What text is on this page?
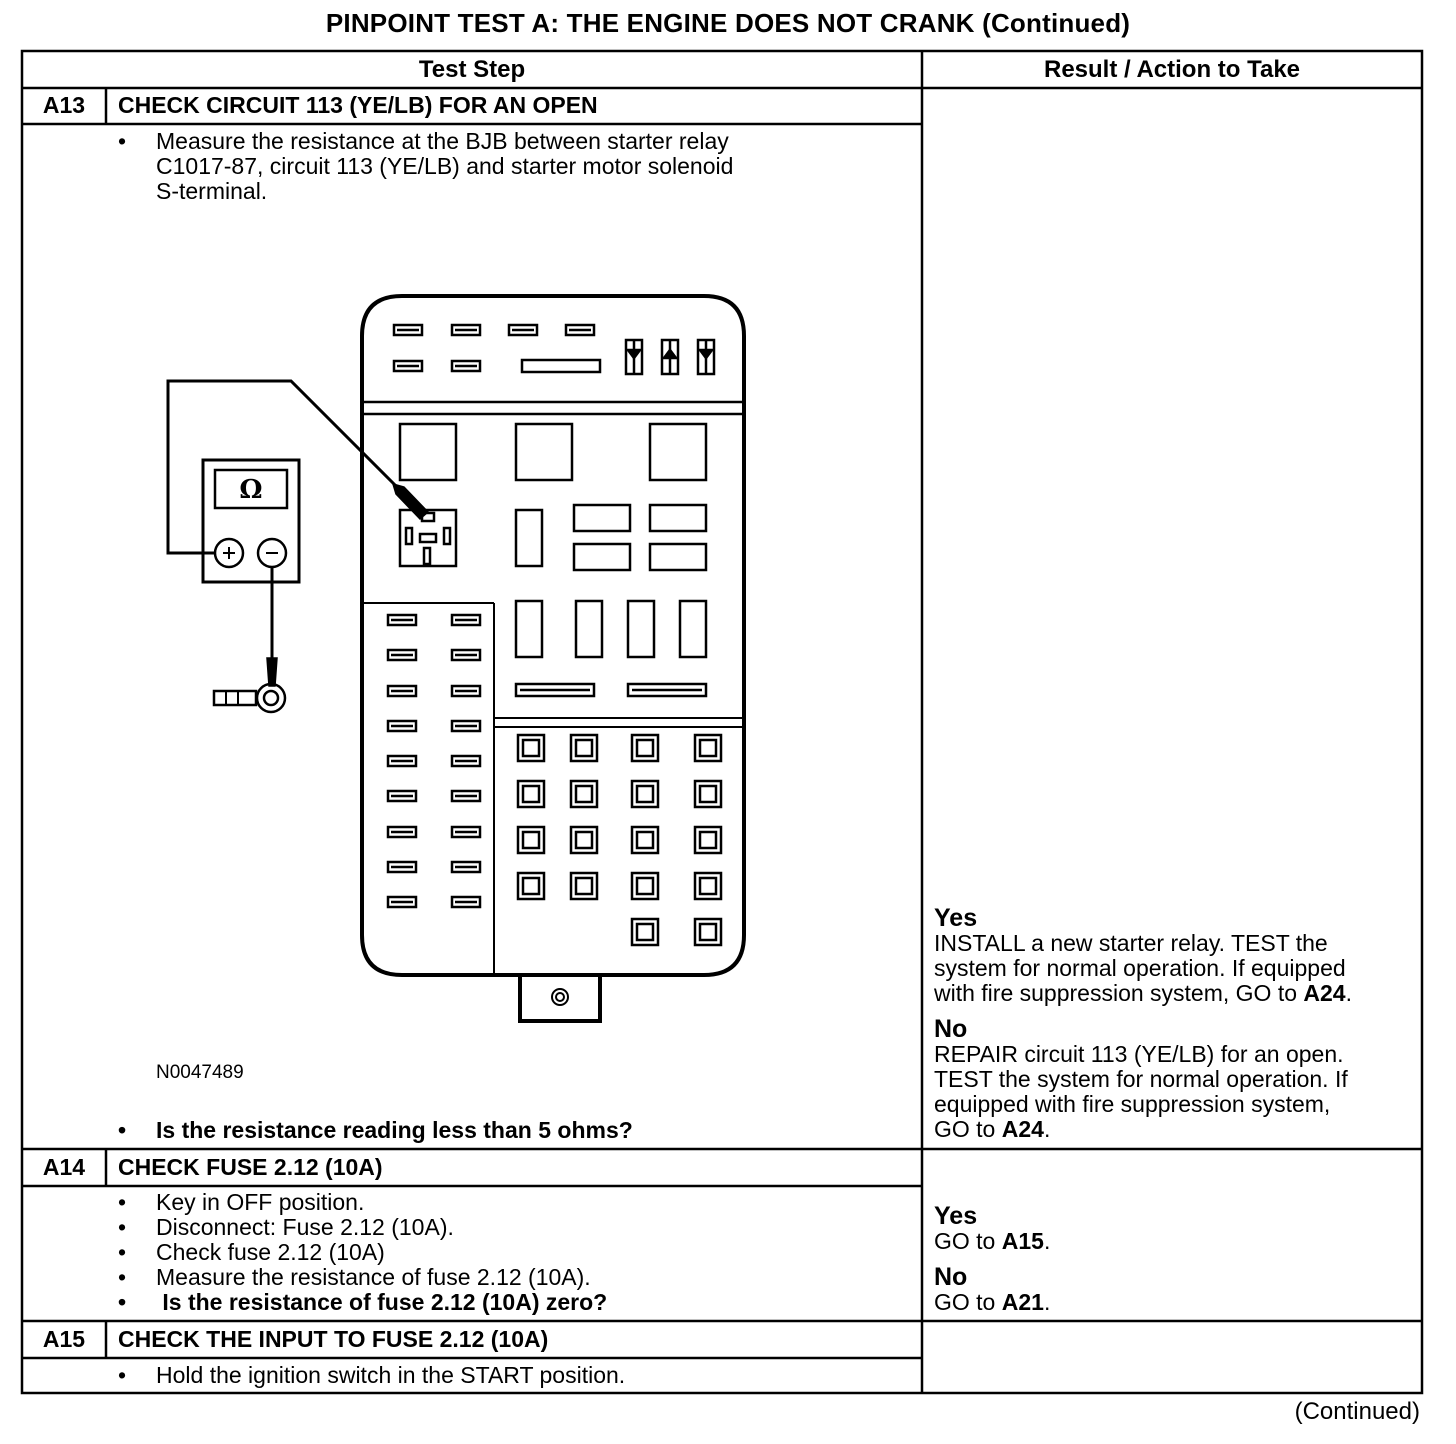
PINPOINT TEST A: THE ENGINE DOES NOT CRANK (Continued)
Test Step	Result / Action to Take
A13	CHECK CIRCUIT 113 (YE/LB) FOR AN OPEN
• Measure the resistance at the BJB between starter relay
C1017-87, circuit 113 (YE/LB) and starter motor solenoid
S-terminal.
Ω
N0047489
• Is the resistance reading less than 5 ohms?
Yes
INSTALL a new starter relay. TEST the
system for normal operation. If equipped
with fire suppression system, GO to A24.
No
REPAIR circuit 113 (YE/LB) for an open.
TEST the system for normal operation. If
equipped with fire suppression system,
GO to A24.
A14	CHECK FUSE 2.12 (10A)
• Key in OFF position.
• Disconnect: Fuse 2.12 (10A).
• Check fuse 2.12 (10A)
• Measure the resistance of fuse 2.12 (10A).
•  Is the resistance of fuse 2.12 (10A) zero?
Yes
GO to A15.
No
GO to A21.
A15	CHECK THE INPUT TO FUSE 2.12 (10A)
• Hold the ignition switch in the START position.
(Continued)
